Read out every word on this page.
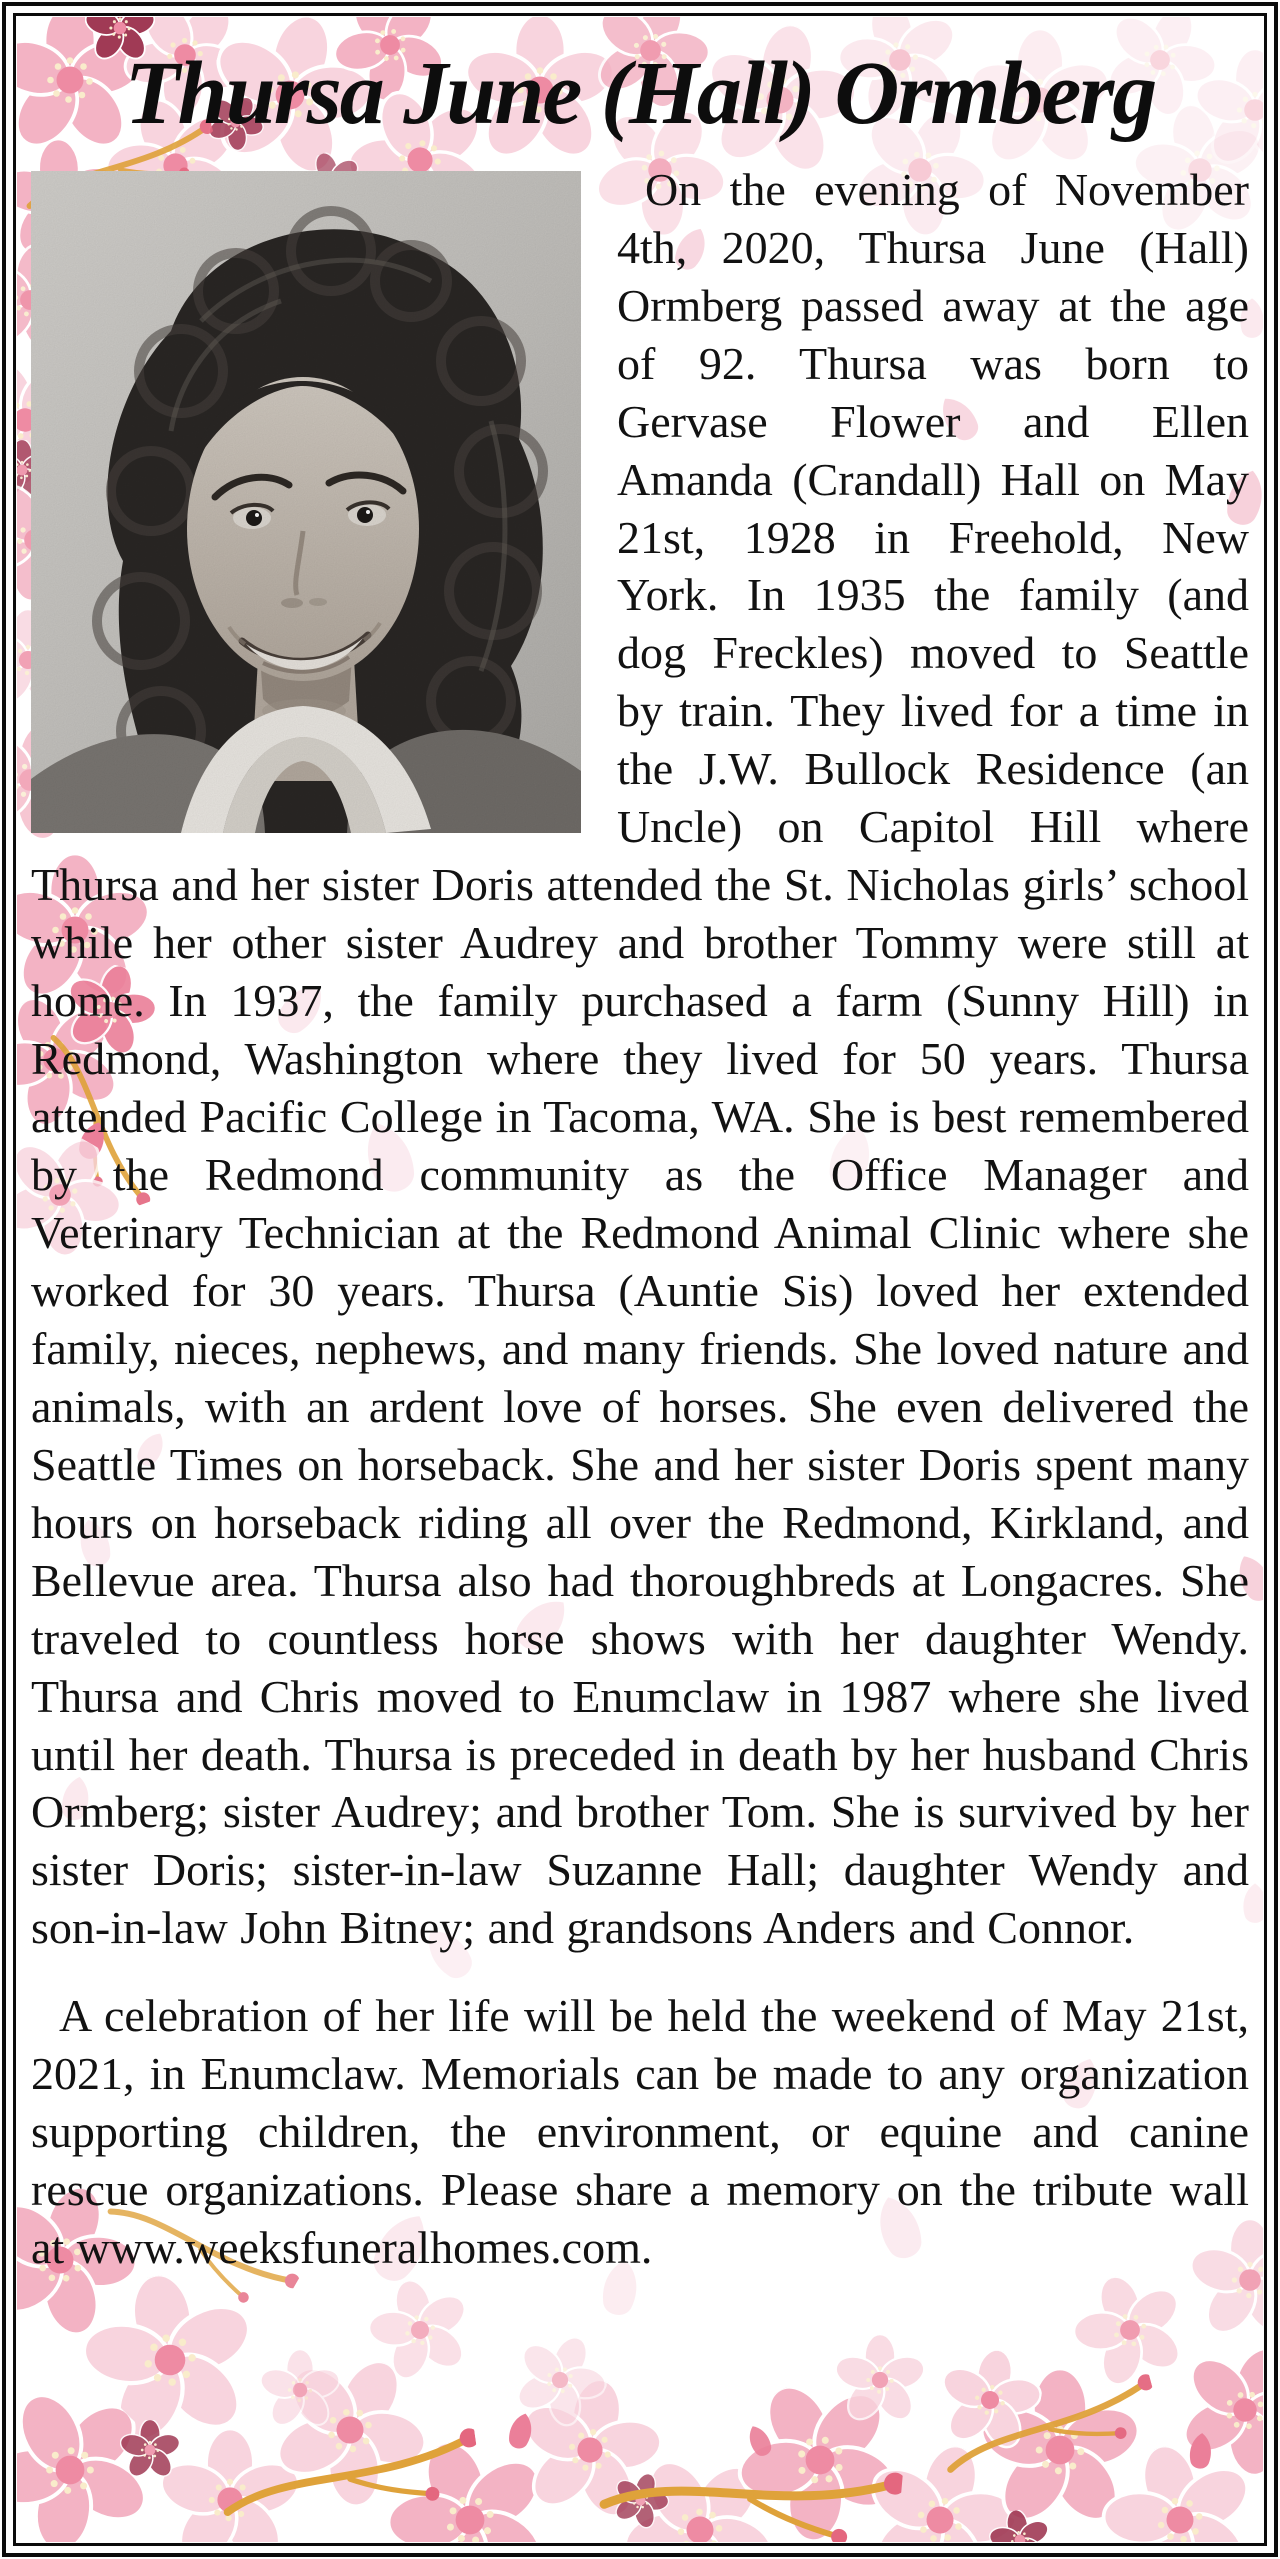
Thursa June (Hall) Ormberg

On the evening of November 4th, 2020, Thursa June (Hall) Ormberg passed away at the age of 92. Thursa was born to Gervase Flower and Ellen Amanda (Crandall) Hall on May 21st, 1928 in Freehold, New York. In 1935 the family (and dog Freckles) moved to Seattle by train. They lived for a time in the J.W. Bullock Residence (an Uncle) on Capitol Hill where Thursa and her sister Doris attended the St. Nicholas girls’ school while her other sister Audrey and brother Tommy were still at home. In 1937, the family purchased a farm (Sunny Hill) in Redmond, Washington where they lived for 50 years. Thursa attended Pacific College in Tacoma, WA. She is best remembered by the Redmond community as the Office Manager and Veterinary Technician at the Redmond Animal Clinic where she worked for 30 years. Thursa (Auntie Sis) loved her extended family, nieces, nephews, and many friends. She loved nature and animals, with an ardent love of horses. She even delivered the Seattle Times on horseback. She and her sister Doris spent many hours on horseback riding all over the Redmond, Kirkland, and Bellevue area. Thursa also had thoroughbreds at Longacres. She traveled to countless horse shows with her daughter Wendy. Thursa and Chris moved to Enumclaw in 1987 where she lived until her death. Thursa is preceded in death by her husband Chris Ormberg; sister Audrey; and brother Tom. She is survived by her sister Doris; sister-in-law Suzanne Hall; daughter Wendy and son-in-law John Bitney; and grandsons Anders and Connor.

A celebration of her life will be held the weekend of May 21st, 2021, in Enumclaw. Memorials can be made to any organization supporting children, the environment, or equine and canine rescue organizations. Please share a memory on the tribute wall at www.weeksfuneralhomes.com.
